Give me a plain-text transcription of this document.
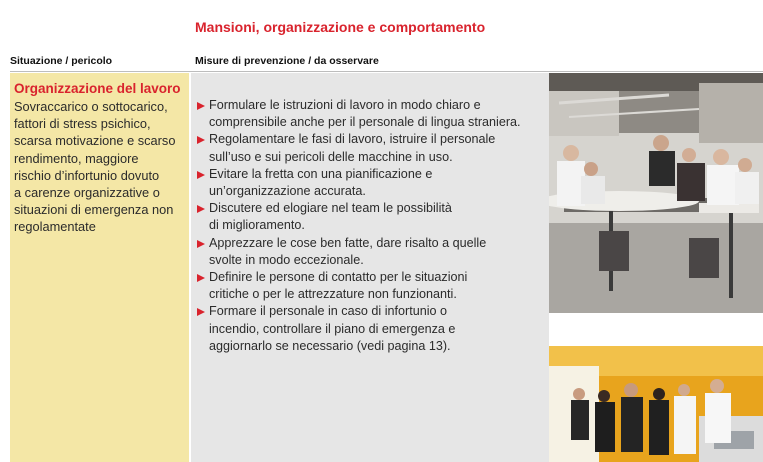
Mansioni, organizzazione e comportamento
Situazione / pericolo	Misure di prevenzione / da osservare
Organizzazione del lavoro
Sovraccarico o sottocarico,
fattori di stress psichico,
scarsa motivazione e scarso
rendimento, maggiore
rischio d’infortunio dovuto
a carenze organizzative o
situazioni di emergenza non
regolamentate
Formulare le istruzioni di lavoro in modo chiaro e
comprensibile anche per il personale di lingua straniera.
Regolamentare le fasi di lavoro, istruire il personale
sull’uso e sui pericoli delle macchine in uso.
Evitare la fretta con una pianificazione e
un’organizzazione accurata.
Discutere ed elogiare nel team le possibilità
di miglioramento.
Apprezzare le cose ben fatte, dare risalto a quelle
svolte in modo eccezionale.
Definire le persone di contatto per le situazioni
critiche o per le attrezzature non funzionanti.
Formare il personale in caso di infortunio o
incendio, controllare il piano di emergenza e
aggiornarlo se necessario (vedi pagina 13).
